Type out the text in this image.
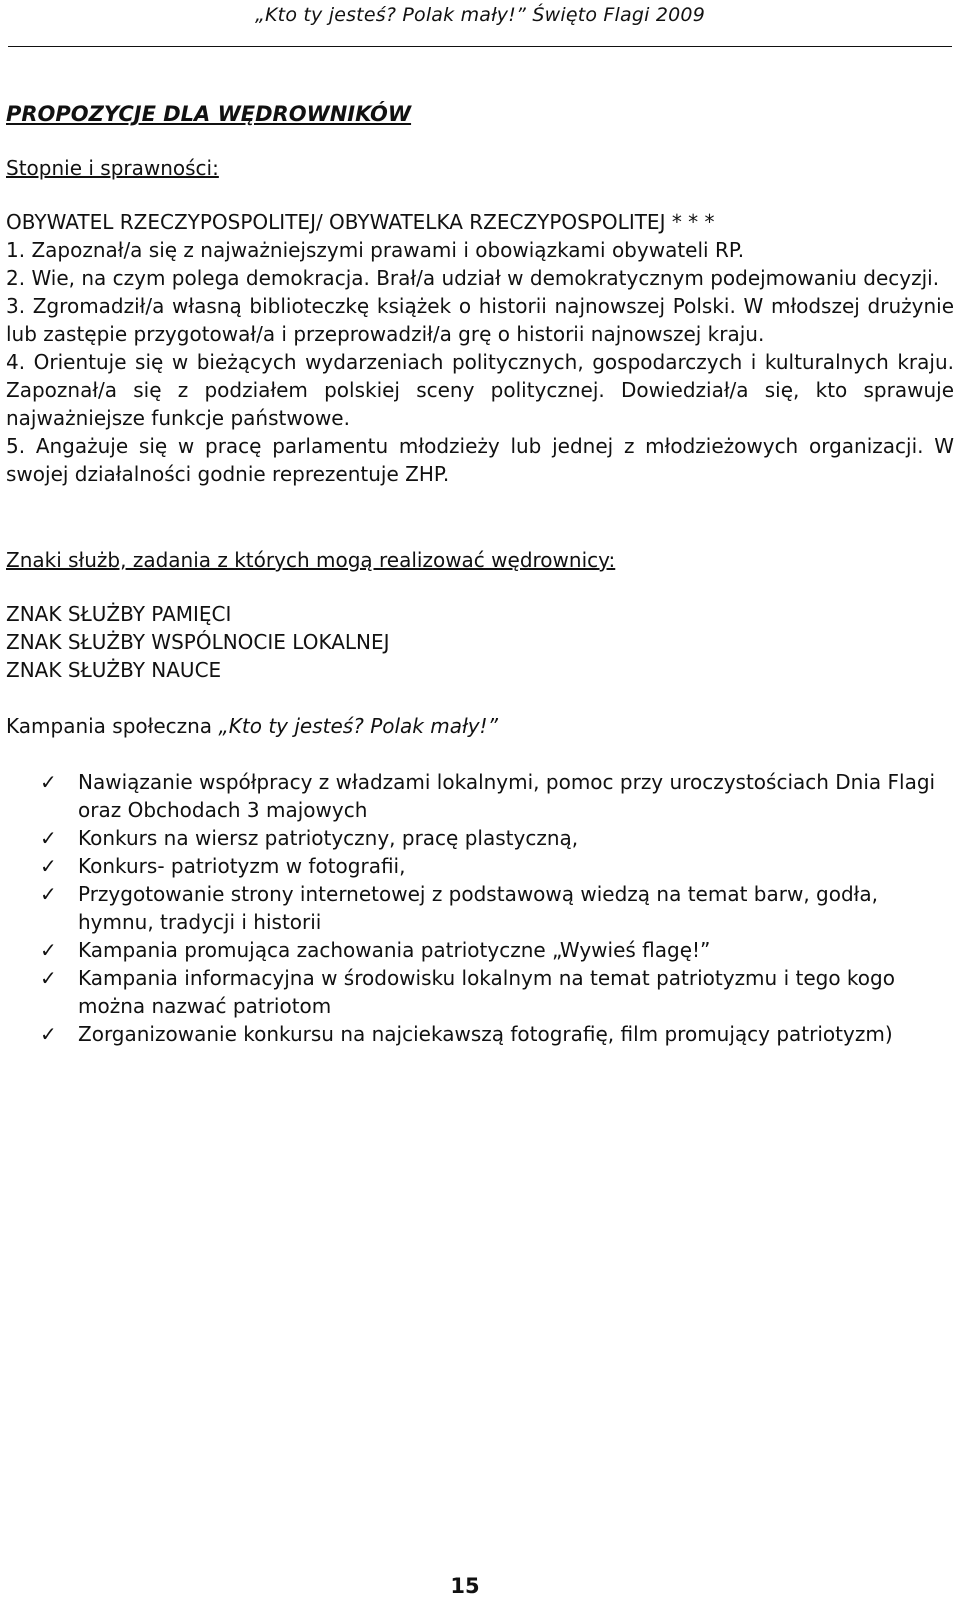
„Kto ty jesteś? Polak mały!” Święto Flagi 2009
PROPOZYCJE DLA WĘDROWNIKÓW
Stopnie i sprawności:
OBYWATEL RZECZYPOSPOLITEJ/ OBYWATELKA RZECZYPOSPOLITEJ * * *
1. Zapoznał/a się z najważniejszymi prawami i obowiązkami obywateli RP.
2. Wie, na czym polega demokracja. Brał/a udział w demokratycznym podejmowaniu decyzji.
3. Zgromadził/a własną biblioteczkę książek o historii najnowszej Polski. W młodszej drużynie lub zastępie przygotował/a i przeprowadził/a grę o historii najnowszej kraju.
4. Orientuje się w bieżących wydarzeniach politycznych, gospodarczych i kulturalnych kraju. Zapoznał/a się z podziałem polskiej sceny politycznej. Dowiedział/a się, kto sprawuje najważniejsze funkcje państwowe.
5. Angażuje się w pracę parlamentu młodzieży lub jednej z młodzieżowych organizacji. W swojej działalności godnie reprezentuje ZHP.
Znaki służb, zadania z których mogą realizować wędrownicy:
ZNAK SŁUŻBY PAMIĘCI
ZNAK SŁUŻBY WSPÓLNOCIE LOKALNEJ
ZNAK SŁUŻBY NAUCE
Kampania społeczna „Kto ty jesteś? Polak mały!”
✓ Nawiązanie współpracy z władzami lokalnymi, pomoc przy uroczystościach Dnia Flagi oraz Obchodach 3 majowych
✓ Konkurs na wiersz patriotyczny, pracę plastyczną,
✓ Konkurs- patriotyzm w fotografii,
✓ Przygotowanie strony internetowej z podstawową wiedzą na temat barw, godła, hymnu, tradycji i historii
✓ Kampania promująca zachowania patriotyczne „Wywieś flagę!”
✓ Kampania informacyjna w środowisku lokalnym na temat patriotyzmu i tego kogo można nazwać patriotom
✓ Zorganizowanie konkursu na najciekawszą fotografię, film promujący patriotyzm)
15
